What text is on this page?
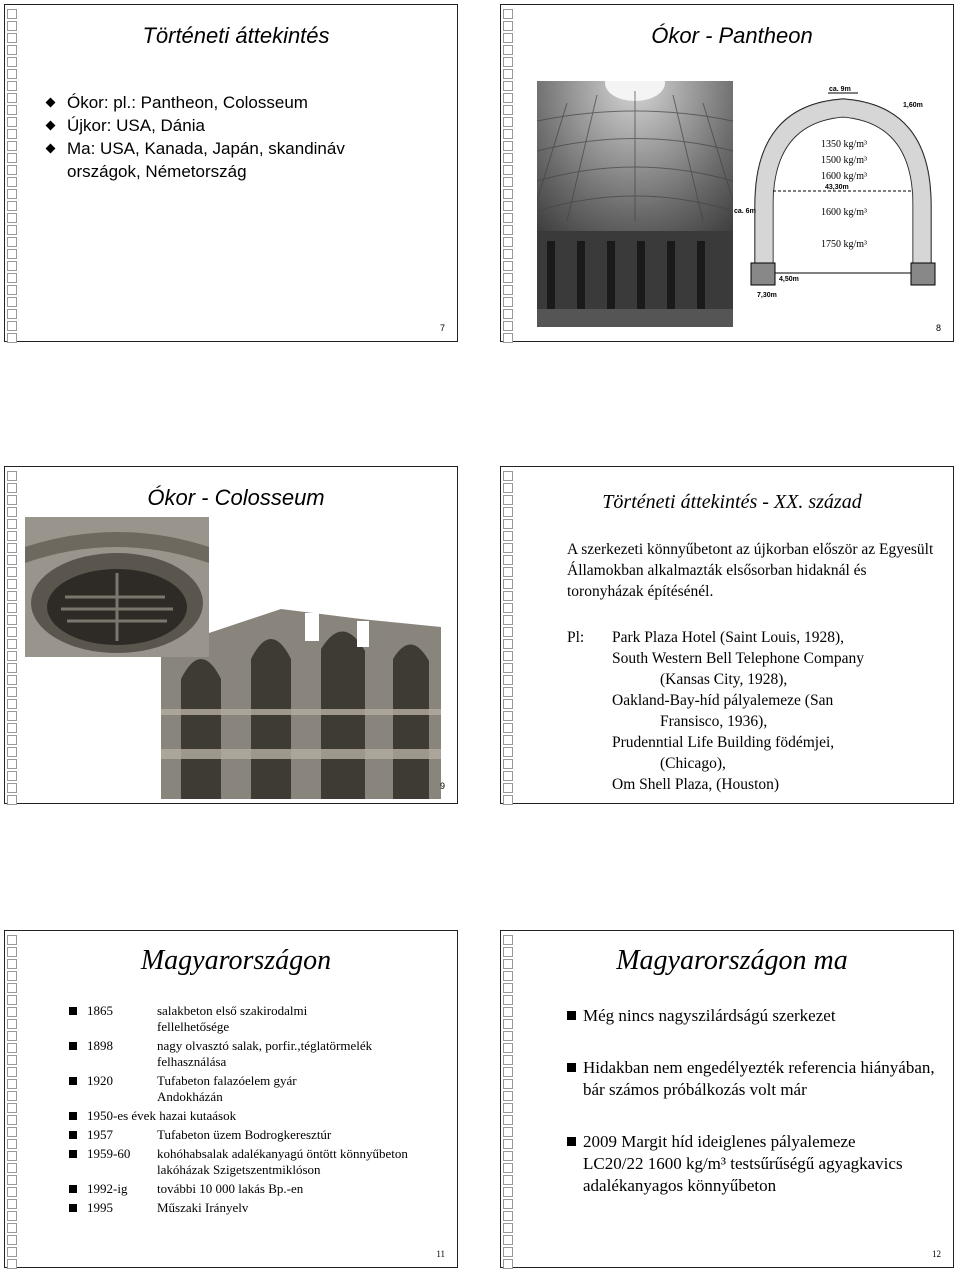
Történeti áttekintés
Ókor: pl.: Pantheon, Colosseum
Újkor: USA, Dánia
Ma: USA, Kanada, Japán, skandináv országok, Németország
7
Ókor - Pantheon
ca. 9m
1,60m
ca. 6m
43,30m
4,50m
7,30m
1350 kg/m³
1500 kg/m³
1600 kg/m³
1600 kg/m³
1750 kg/m³
8
Ókor - Colosseum
9
Történeti áttekintés - XX. század
A szerkezeti könnyűbetont az újkorban először az Egyesült Államokban alkalmazták elsősorban hidaknál és toronyházak építésénél.
Pl: Park Plaza Hotel (Saint Louis, 1928),
South Western Bell Telephone Company
(Kansas City, 1928),
Oakland-Bay-híd pályalemeze (San
Fransisco, 1936),
Prudenntial Life Building födémjei,
(Chicago),
Om Shell Plaza, (Houston)
Magyarországon
1865	salakbeton első szakirodalmi fellelhetősége
1898	nagy olvasztó salak, porfir.,téglatörmelék felhasználása
1920	Tufabeton falazóelem gyár Andokházán
1950-es évek hazai kutaások
1957	Tufabeton üzem Bodrogkeresztúr
1959-60 kohóhabsalak adalékanyagú öntött könnyűbeton lakóházak Szigetszentmiklóson
1992-ig további 10 000 lakás Bp.-en
1995	Műszaki Irányelv
11
Magyarországon ma
Még nincs nagyszilárdságú szerkezet
Hidakban nem engedélyezték referencia hiányában, bár számos próbálkozás volt már
2009 Margit híd ideiglenes pályalemeze LC20/22 1600 kg/m³ testsűrűségű agyagkavics adalékanyagos könnyűbeton
12
